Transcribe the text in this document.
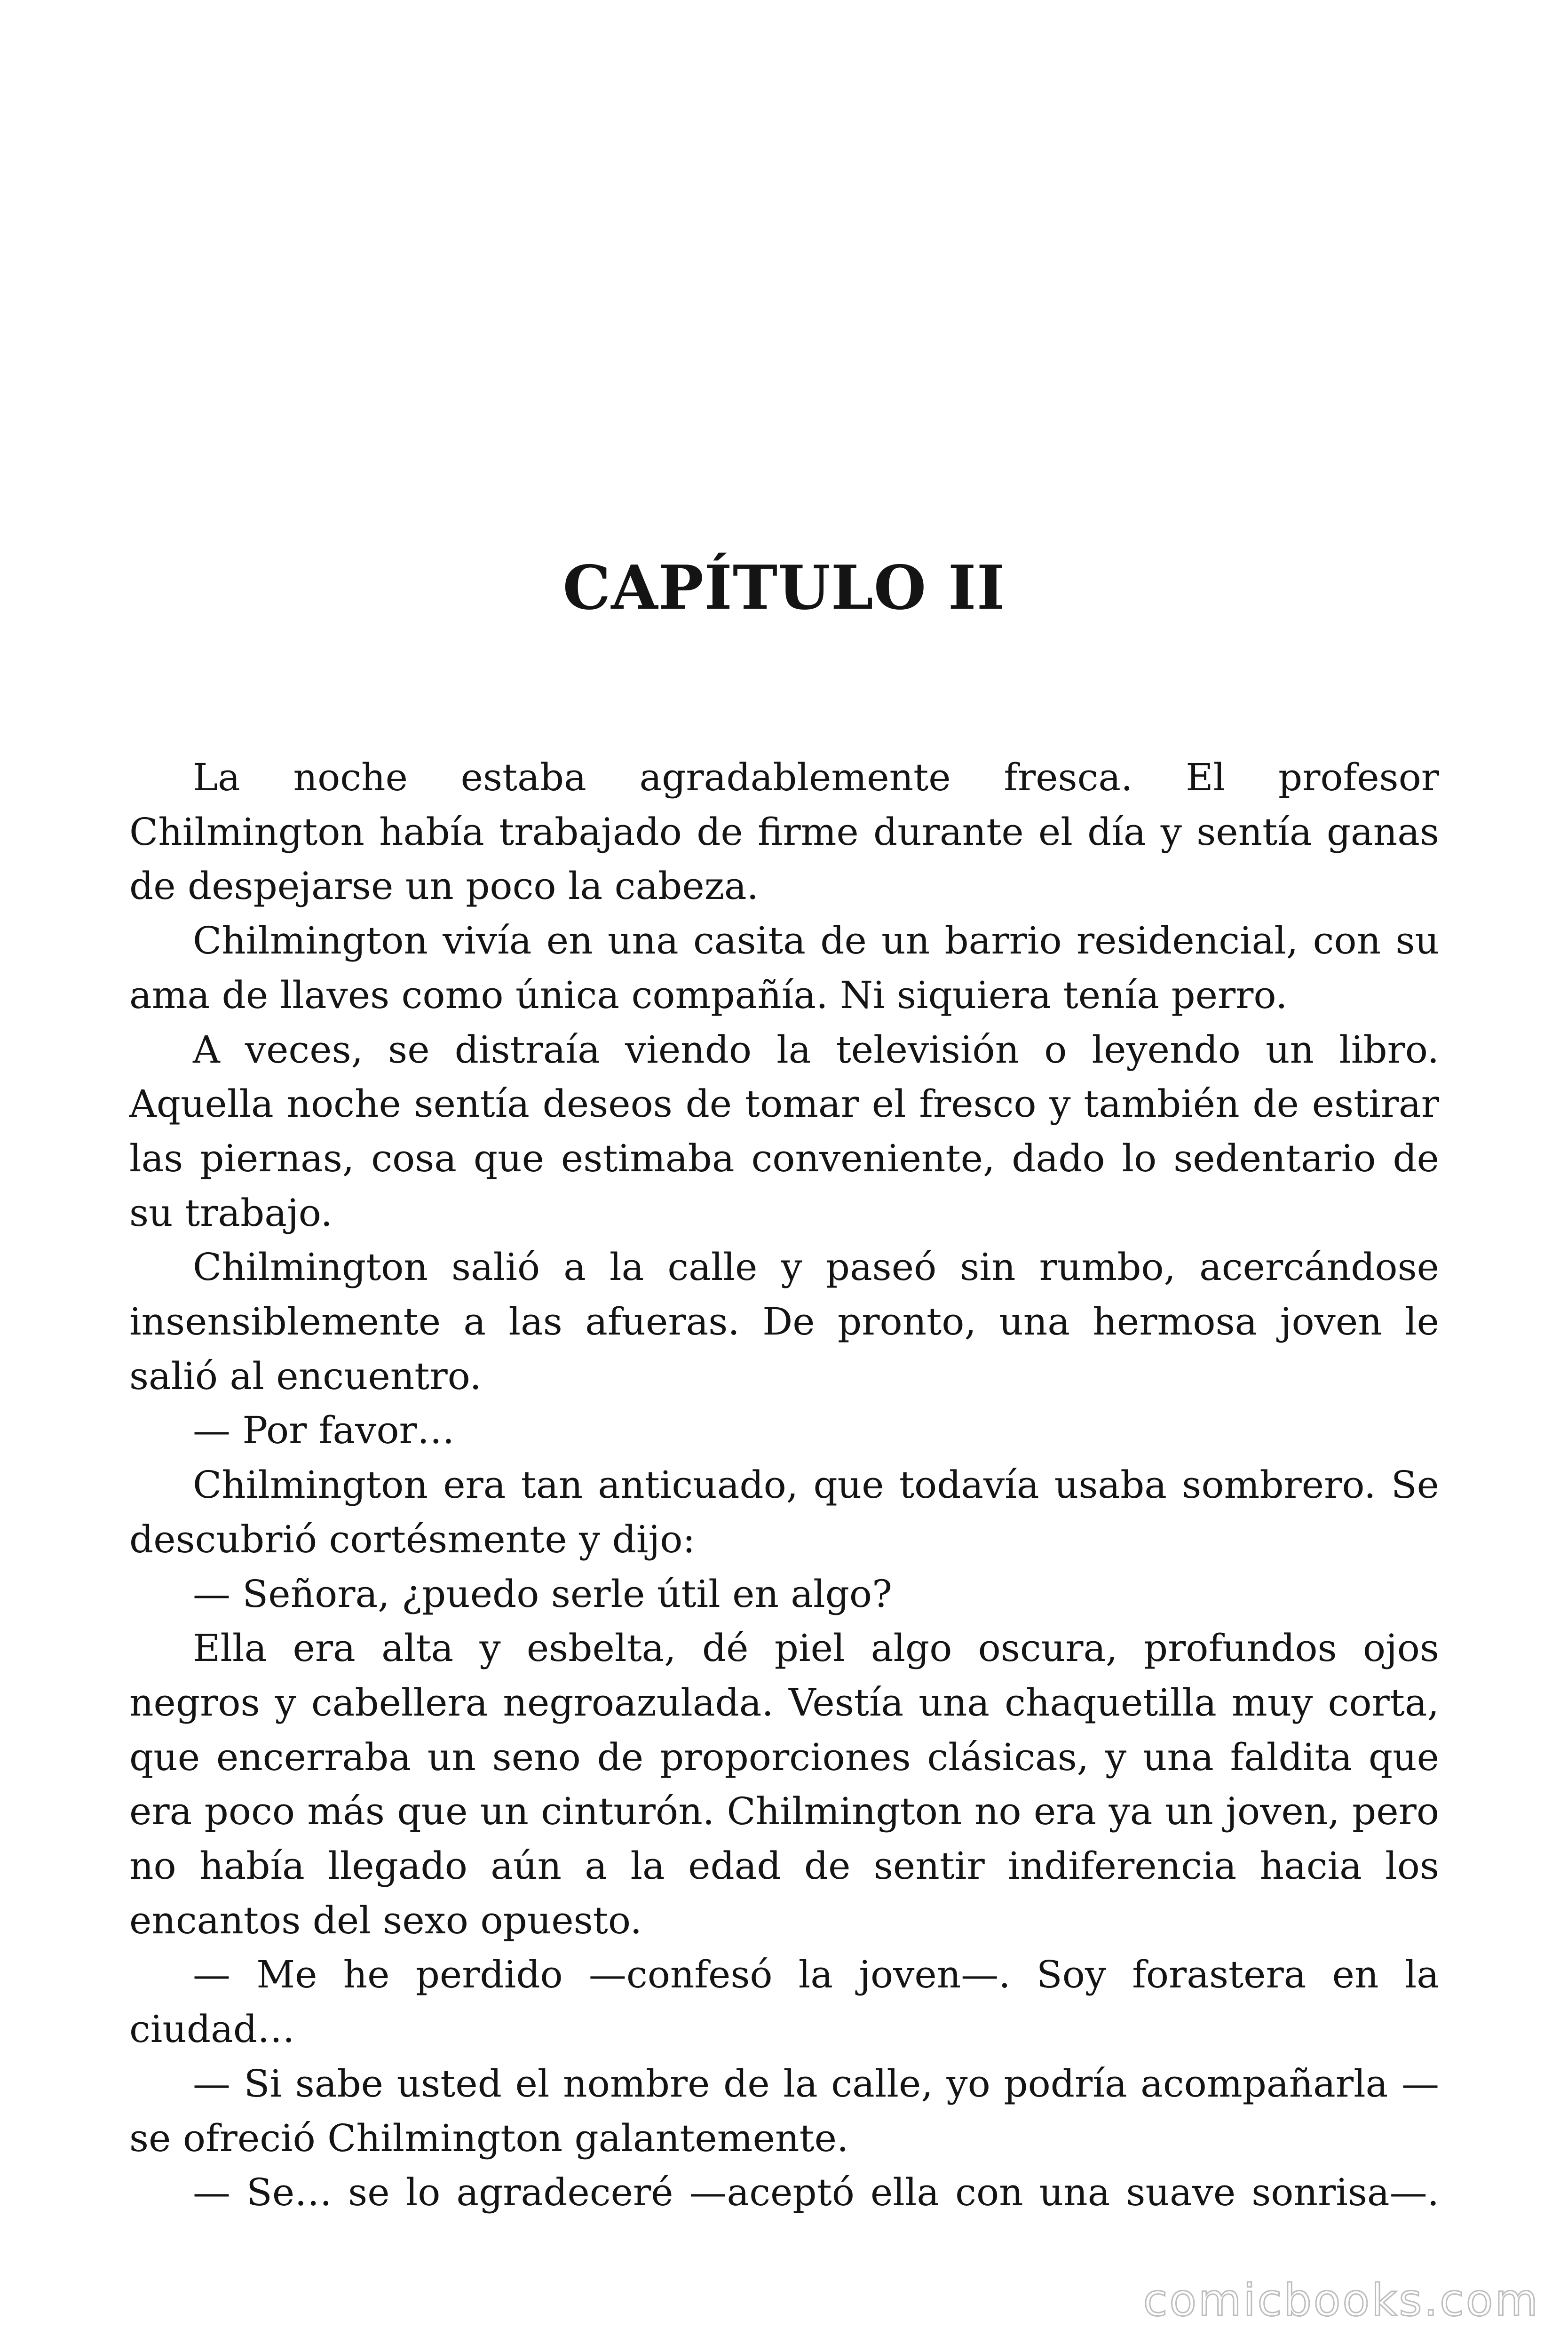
CAPÍTULO II

La noche estaba agradablemente fresca. El profesor Chilmington había trabajado de firme durante el día y sentía ganas de despejarse un poco la cabeza.

Chilmington vivía en una casita de un barrio residencial, con su ama de llaves como única compañía. Ni siquiera tenía perro.

A veces, se distraía viendo la televisión o leyendo un libro. Aquella noche sentía deseos de tomar el fresco y también de estirar las piernas, cosa que estimaba conveniente, dado lo sedentario de su trabajo.

Chilmington salió a la calle y paseó sin rumbo, acercándose insensiblemente a las afueras. De pronto, una hermosa joven le salió al encuentro.

— Por favor…

Chilmington era tan anticuado, que todavía usaba sombrero. Se descubrió cortésmente y dijo:

— Señora, ¿puedo serle útil en algo?

Ella era alta y esbelta, dé piel algo oscura, profundos ojos negros y cabellera negroazulada. Vestía una chaquetilla muy corta, que encerraba un seno de proporciones clásicas, y una faldita que era poco más que un cinturón. Chilmington no era ya un joven, pero no había llegado aún a la edad de sentir indiferencia hacia los encantos del sexo opuesto.

— Me he perdido —confesó la joven—. Soy forastera en la ciudad…

— Si sabe usted el nombre de la calle, yo podría acompañarla — se ofreció Chilmington galantemente.

— Se… se lo agradeceré —aceptó ella con una suave sonrisa—.

comicbooks.com
